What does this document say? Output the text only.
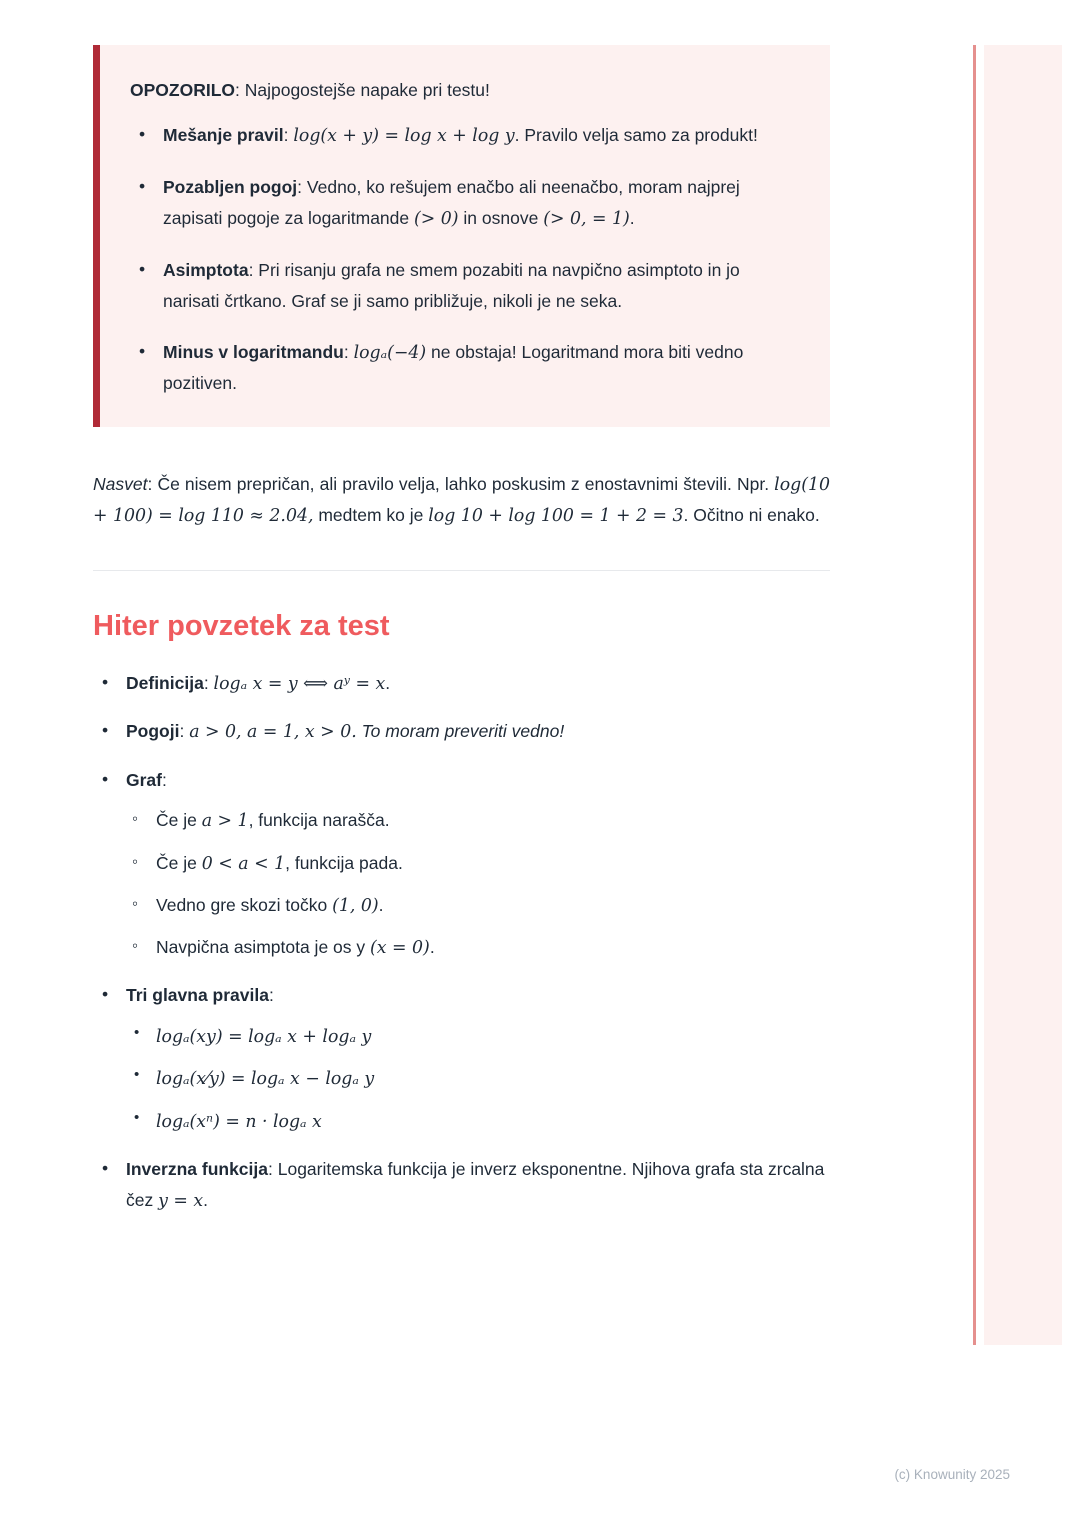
OPOZORILO: Najpogostejše napake pri testu!

• Mešanje pravil: log(x + y) = log x + log y. Pravilo velja samo za produkt!
• Pozabljen pogoj: Vedno, ko rešujem enačbo ali neenačbo, moram najprej zapisati pogoje za logaritmande (> 0) in osnove (> 0, = 1).
• Asimptota: Pri risanju grafa ne smem pozabiti na navpično asimptoto in jo narisati črtkano. Graf se ji samo približuje, nikoli je ne seka.
• Minus v logaritmandu: logₐ(−4) ne obstaja! Logaritmand mora biti vedno pozitiven.

Nasvet: Če nisem prepričan, ali pravilo velja, lahko poskusim z enostavnimi števili. Npr. log(10 + 100) = log 110 ≈ 2.04, medtem ko je log 10 + log 100 = 1 + 2 = 3. Očitno ni enako.

Hiter povzetek za test
• Definicija: logₐ x = y ⟺ aʸ = x.
• Pogoji: a > 0, a = 1, x > 0. To moram preveriti vedno!
• Graf:
◦ Če je a > 1, funkcija narašča.
◦ Če je 0 < a < 1, funkcija pada.
◦ Vedno gre skozi točko (1, 0).
◦ Navpična asimptota je os y (x = 0).
• Tri glavna pravila:
• logₐ(xy) = logₐ x + logₐ y
• logₐ(x⁄y) = logₐ x − logₐ y
• logₐ(xⁿ) = n · logₐ x
• Inverzna funkcija: Logaritemska funkcija je inverz eksponentne. Njihova grafa sta zrcalna čez y = x.
(c) Knowunity 2025
